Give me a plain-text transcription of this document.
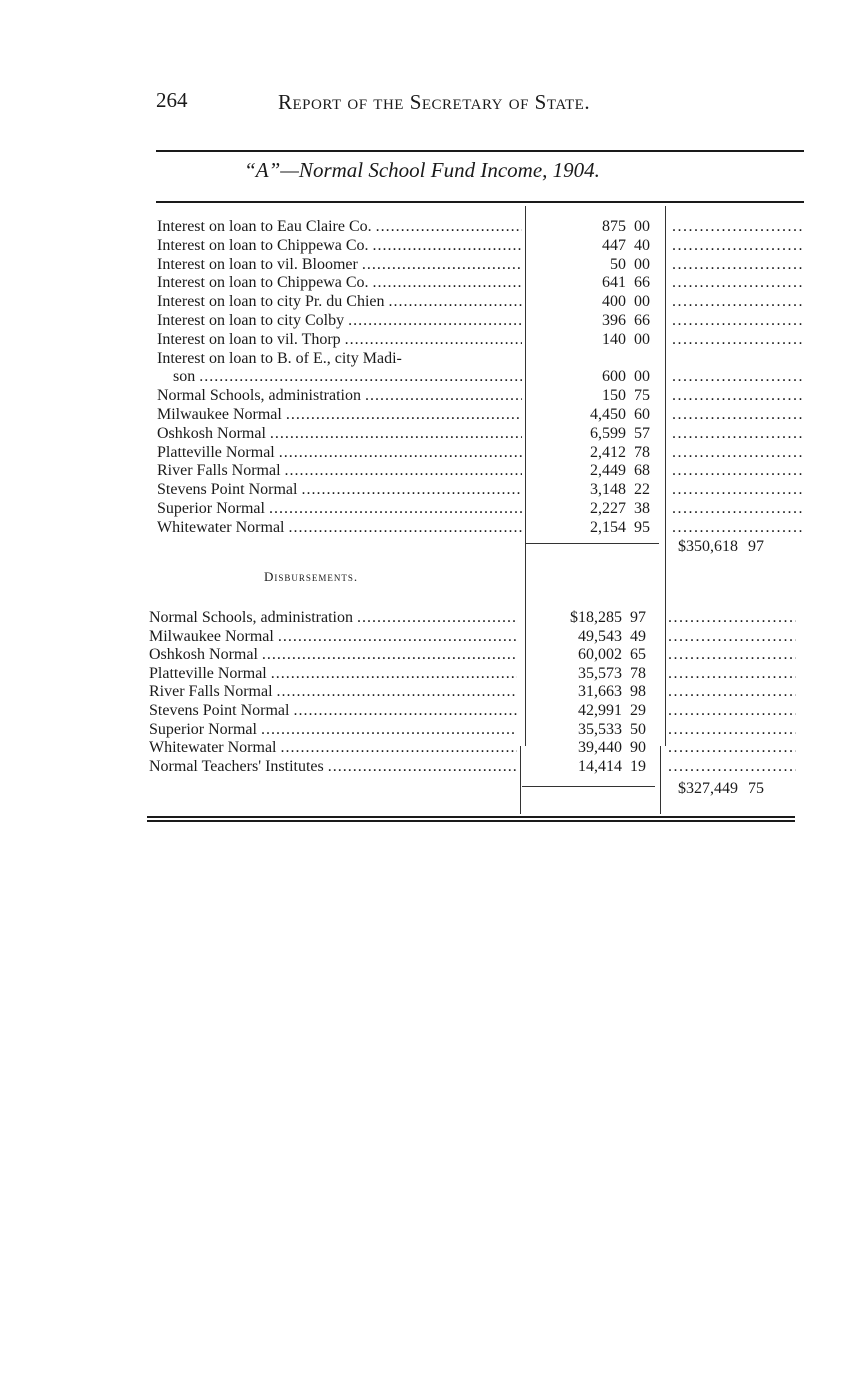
264	Report of the Secretary of State.
“A”—Normal School Fund Income, 1904.
Interest on loan to Eau Claire Co. .....	875 00
.....
Interest on loan to Chippewa Co. .....	447 40
.....
Interest on loan to vil. Bloomer .....	50 00
.....
Interest on loan to Chippewa Co. .....	641 66
.....
Interest on loan to city Pr. du Chien .....	400 00
.....
Interest on loan to city Colby .....	396 66
.....
Interest on loan to vil. Thorp .....	140 00
.....
Interest on loan to B. of E., city Madi-
son .....	600 00
.....
Normal Schools, administration .....	150 75
.....
Milwaukee Normal .....	4,450 60
.....
Oshkosh Normal .....	6,599 57
.....
Platteville Normal .....	2,412 78
.....
River Falls Normal .....	2,449 68
.....
Stevens Point Normal .....	3,148 22
.....
Superior Normal .....	2,227 38
.....
Whitewater Normal .....	2,154 95
.....
$350,618 97
Disbursements.
Normal Schools, administration .....	$18,285 97
.....
Milwaukee Normal .....	49,543 49
.....
Oshkosh Normal .....	60,002 65
.....
Platteville Normal .....	35,573 78
.....
River Falls Normal .....	31,663 98
.....
Stevens Point Normal .....	42,991 29
.....
Superior Normal .....	35,533 50
.....
Whitewater Normal .....	39,440 90
.....
Normal Teachers' Institutes .....	14,414 19
.....
$327,449 75
